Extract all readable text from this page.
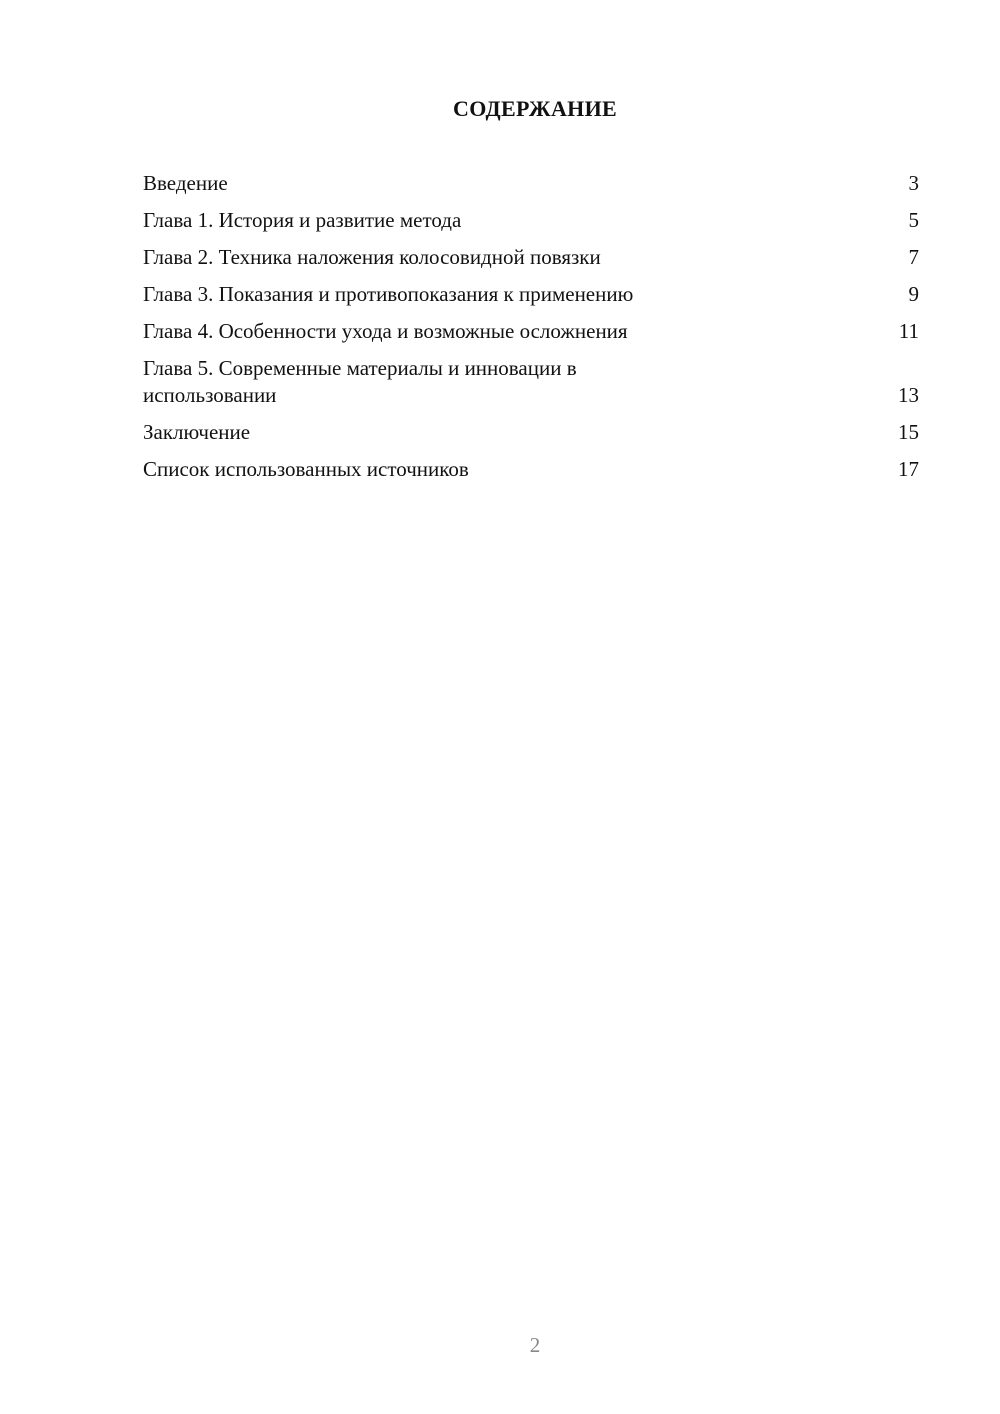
СОДЕРЖАНИЕ
Введение	3
Глава 1. История и развитие метода	5
Глава 2. Техника наложения колосовидной повязки	7
Глава 3. Показания и противопоказания к применению	9
Глава 4. Особенности ухода и возможные осложнения	11
Глава 5. Современные материалы и инновации в использовании	13
Заключение	15
Список использованных источников	17
2
